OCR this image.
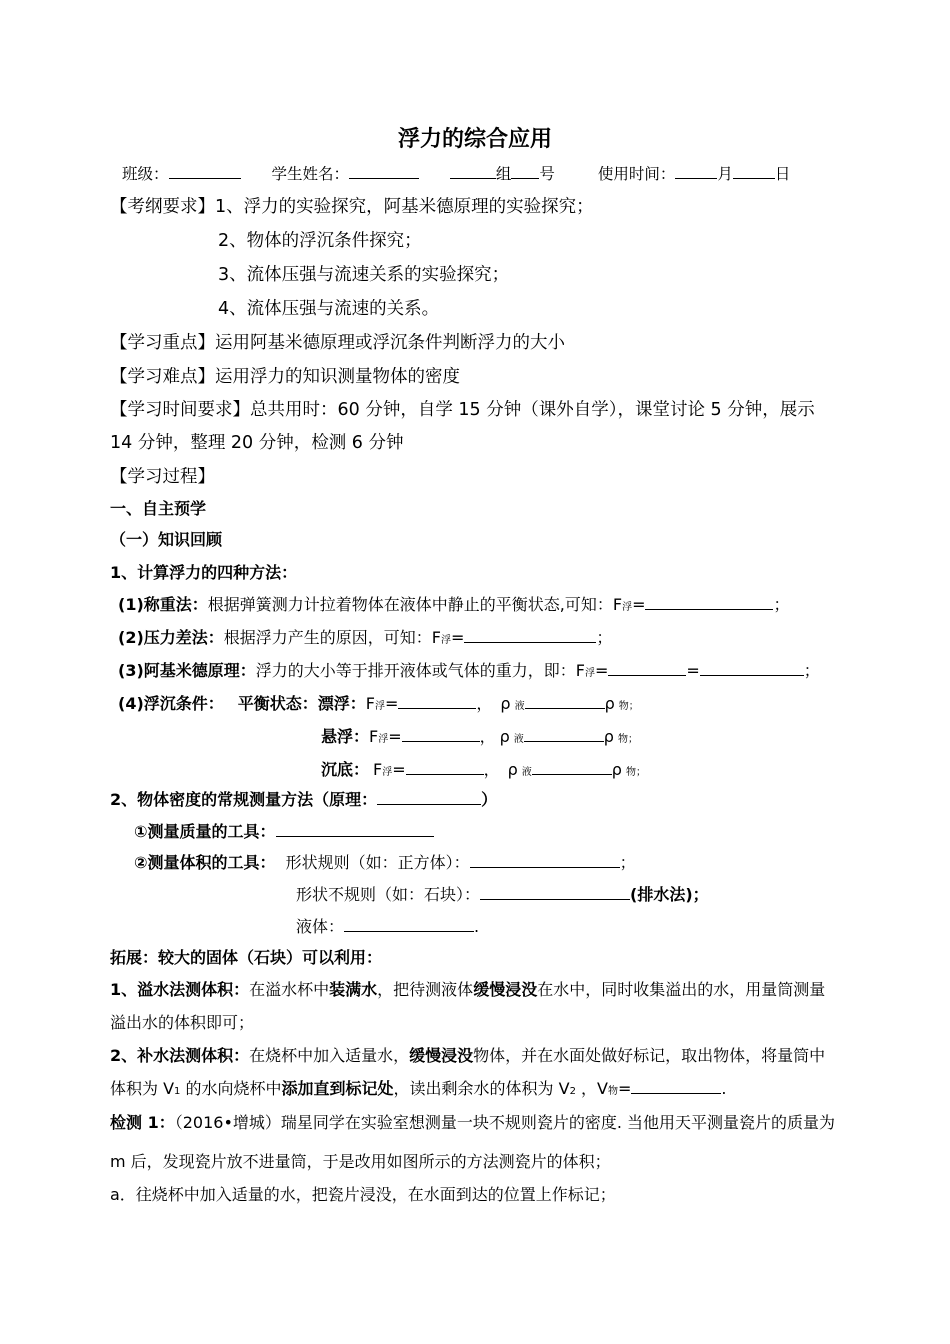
浮力的综合应用
班级：	学生姓名：	组 号	使用时间：	月	日
【考纲要求】1、浮力的实验探究，阿基米德原理的实验探究；
2、物体的浮沉条件探究；
3、流体压强与流速关系的实验探究；
4、流体压强与流速的关系。
【学习重点】运用阿基米德原理或浮沉条件判断浮力的大小
【学习难点】运用浮力的知识测量物体的密度
【学习时间要求】总共用时：60 分钟，自学 15 分钟（课外自学），课堂讨论 5 分钟，展示
14 分钟，整理 20 分钟，检测 6 分钟
【学习过程】
一、自主预学
（一）知识回顾
1、计算浮力的四种方法：
(1)称重法：根据弹簧测力计拉着物体在液体中静止的平衡状态,可知：F浮=	；
(2)压力差法：根据浮力产生的原因，可知：F浮=	；
(3)阿基米德原理：浮力的大小等于排开液体或气体的重力，即：F浮=	=	；
(4)浮沉条件： 平衡状态：漂浮：F浮=	， ρ 液	ρ 物；
悬浮：F浮=	， ρ 液	ρ 物；
沉底： F浮=	， ρ 液	ρ 物；
2、物体密度的常规测量方法（原理：	）
①测量质量的工具：
②测量体积的工具： 形状规则（如：正方体）：	；
形状不规则（如：石块）：	(排水法)；
液体：	.
拓展：较大的固体（石块）可以利用：
1、溢水法测体积：在溢水杯中装满水，把待测液体缓慢浸没在水中，同时收集溢出的水，用量筒测量
溢出水的体积即可；
2、补水法测体积：在烧杯中加入适量水，缓慢浸没物体，并在水面处做好标记，取出物体，将量筒中
体积为 V1 的水向烧杯中添加直到标记处，读出剩余水的体积为 V2 ，V物=	.
检测 1：（2016•增城）瑞星同学在实验室想测量一块不规则瓷片的密度. 当他用天平测量瓷片的质量为
m 后，发现瓷片放不进量筒，于是改用如图所示的方法测瓷片的体积；
a．往烧杯中加入适量的水，把瓷片浸没，在水面到达的位置上作标记；
